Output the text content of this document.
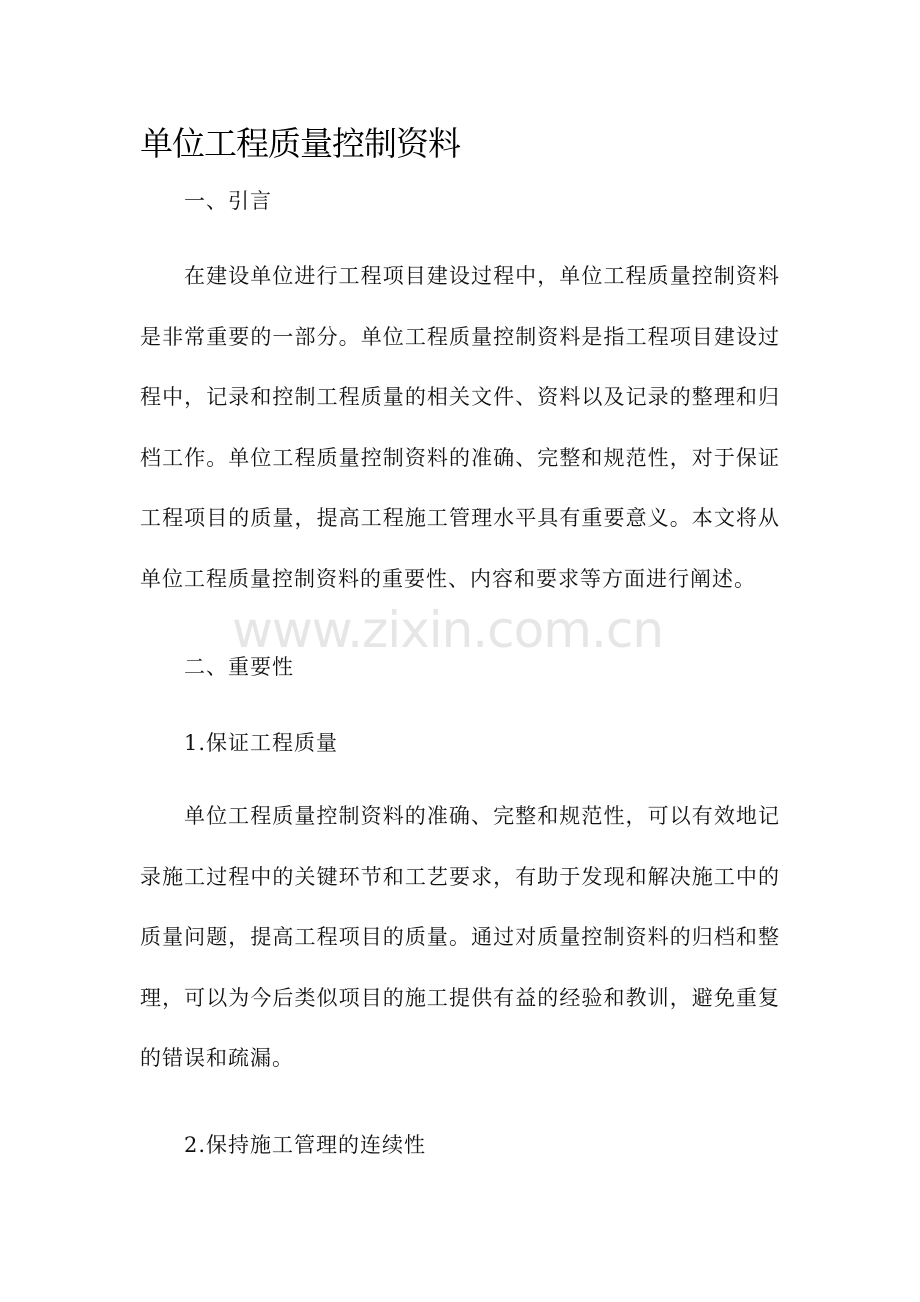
单位工程质量控制资料
一、引言

在建设单位进行工程项目建设过程中，单位工程质量控制资料是非常重要的一部分。单位工程质量控制资料是指工程项目建设过程中，记录和控制工程质量的相关文件、资料以及记录的整理和归档工作。单位工程质量控制资料的准确、完整和规范性，对于保证工程项目的质量，提高工程施工管理水平具有重要意义。本文将从单位工程质量控制资料的重要性、内容和要求等方面进行阐述。

www.zixin.com.cn
二、重要性
1.保证工程质量

单位工程质量控制资料的准确、完整和规范性，可以有效地记录施工过程中的关键环节和工艺要求，有助于发现和解决施工中的质量问题，提高工程项目的质量。通过对质量控制资料的归档和整理，可以为今后类似项目的施工提供有益的经验和教训，避免重复的错误和疏漏。

2.保持施工管理的连续性
